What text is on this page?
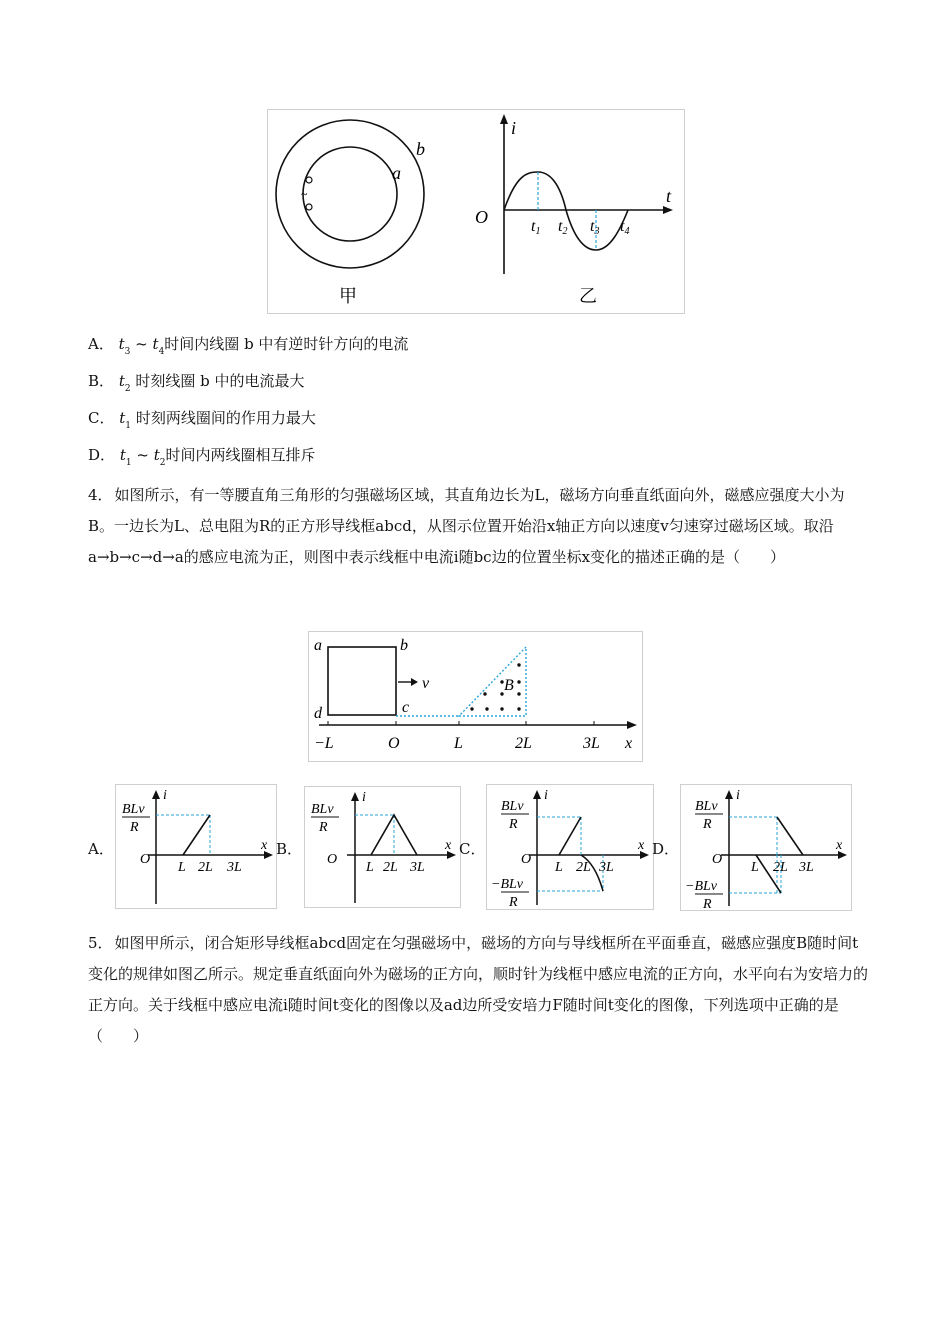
~
a
b
甲
i
t
O	t1 t2 t3 t4
乙
A． $t_3$ ~ $t_4$时间内线圈 b 中有逆时针方向的电流
B． $t_2$ 时刻线圈 b 中的电流最大
C． $t_1$ 时刻两线圈间的作用力最大
D． $t_1$ ~ $t_2$时间内两线圈相互排斥
4． 如图所示，有一等腰直角三角形的匀强磁场区域，其直角边长为L，磁场方向垂直纸面向外，磁感应强度大小为B。一边长为L、总电阻为R的正方形导线框abcd，从图示位置开始沿x轴正方向以速度v匀速穿过磁场区域。取沿a→b→c→d→a的感应电流为正，则图中表示线框中电流i随bc边的位置坐标x变化的描述正确的是（　　）
a	b
d	c
v	B
−L	O	L	2L	3L x
A．
BLv
R
i
x
O
L 2L 3L
B．
BLv
R
i
x
O
L 2L 3L
C．
BLv
R
−BLv
R
i
x
O
L 2L 3L
D．
BLv
R
−BLv
R
i
x
O
L 2L 3L
5． 如图甲所示，闭合矩形导线框abcd固定在匀强磁场中，磁场的方向与导线框所在平面垂直，磁感应强度B随时间t变化的规律如图乙所示。规定垂直纸面向外为磁场的正方向，顺时针为线框中感应电流的正方向，水平向右为安培力的正方向。关于线框中感应电流i随时间t变化的图像以及ad边所受安培力F随时间t变化的图像，下列选项中正确的是（　　）
